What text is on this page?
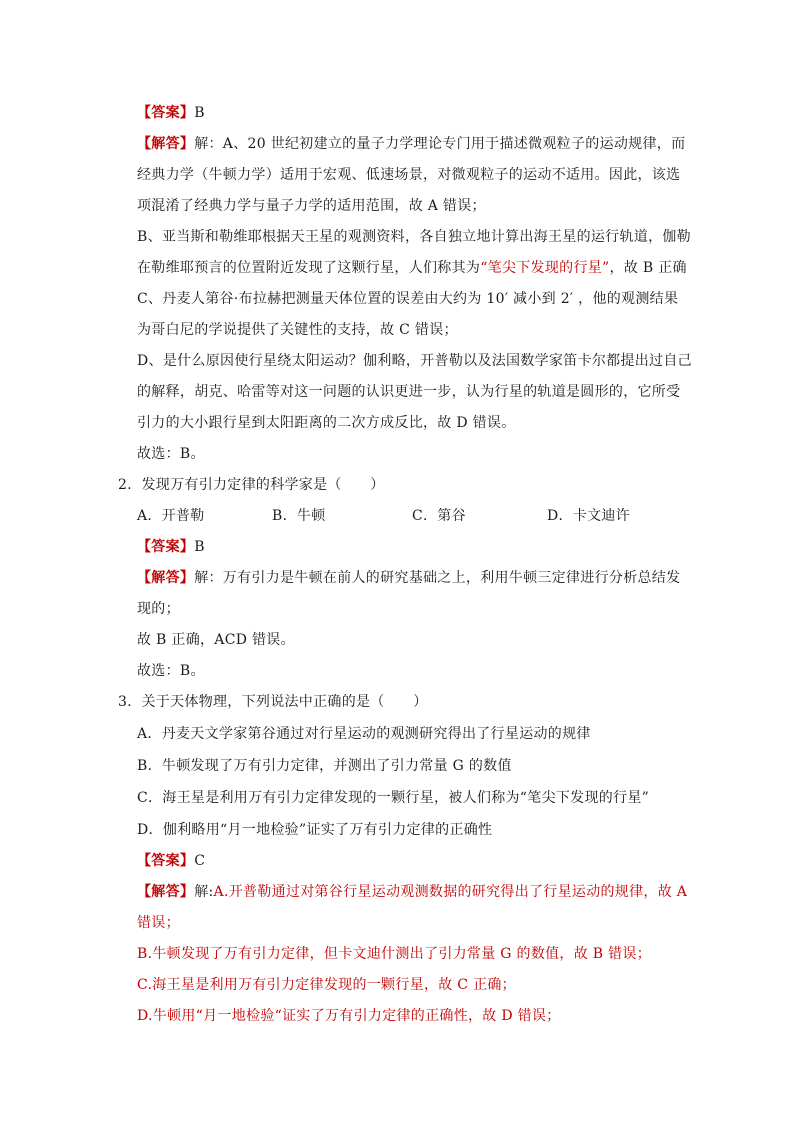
【答案】B
【解答】解：A、20 世纪初建立的量子力学理论专门用于描述微观粒子的运动规律，而
经典力学（牛顿力学）适用于宏观、低速场景，对微观粒子的运动不适用。因此，该选
项混淆了经典力学与量子力学的适用范围，故 A 错误；
B、亚当斯和勒维耶根据天王星的观测资料，各自独立地计算出海王星的运行轨道，伽勒
在勒维耶预言的位置附近发现了这颗行星，人们称其为“笔尖下发现的行星”，故 B 正确
C、丹麦人第谷·布拉赫把测量天体位置的误差由大约为 10′ 减小到 2′ ，他的观测结果
为哥白尼的学说提供了关键性的支持，故 C 错误；
D、是什么原因使行星绕太阳运动？伽利略，开普勒以及法国数学家笛卡尔都提出过自己
的解释，胡克、哈雷等对这一问题的认识更进一步，认为行星的轨道是圆形的，它所受
引力的大小跟行星到太阳距离的二次方成反比，故 D 错误。
故选：B。
2．发现万有引力定律的科学家是（　　）
A．开普勒	B．牛顿	C．第谷	D．卡文迪许
【答案】B
【解答】解：万有引力是牛顿在前人的研究基础之上，利用牛顿三定律进行分析总结发
现的；
故 B 正确，ACD 错误。
故选：B。
3．关于天体物理，下列说法中正确的是（　　）
A．丹麦天文学家第谷通过对行星运动的观测研究得出了行星运动的规律
B．牛顿发现了万有引力定律，并测出了引力常量 G 的数值
C．海王星是利用万有引力定律发现的一颗行星，被人们称为“笔尖下发现的行星”
D．伽利略用“月一地检验”证实了万有引力定律的正确性
【答案】C
【解答】解:A.开普勒通过对第谷行星运动观测数据的研究得出了行星运动的规律，故 A
错误；
B.牛顿发现了万有引力定律，但卡文迪什测出了引力常量 G 的数值，故 B 错误；
C.海王星是利用万有引力定律发现的一颗行星，故 C 正确；
D.牛顿用“月一地检验“证实了万有引力定律的正确性，故 D 错误；
